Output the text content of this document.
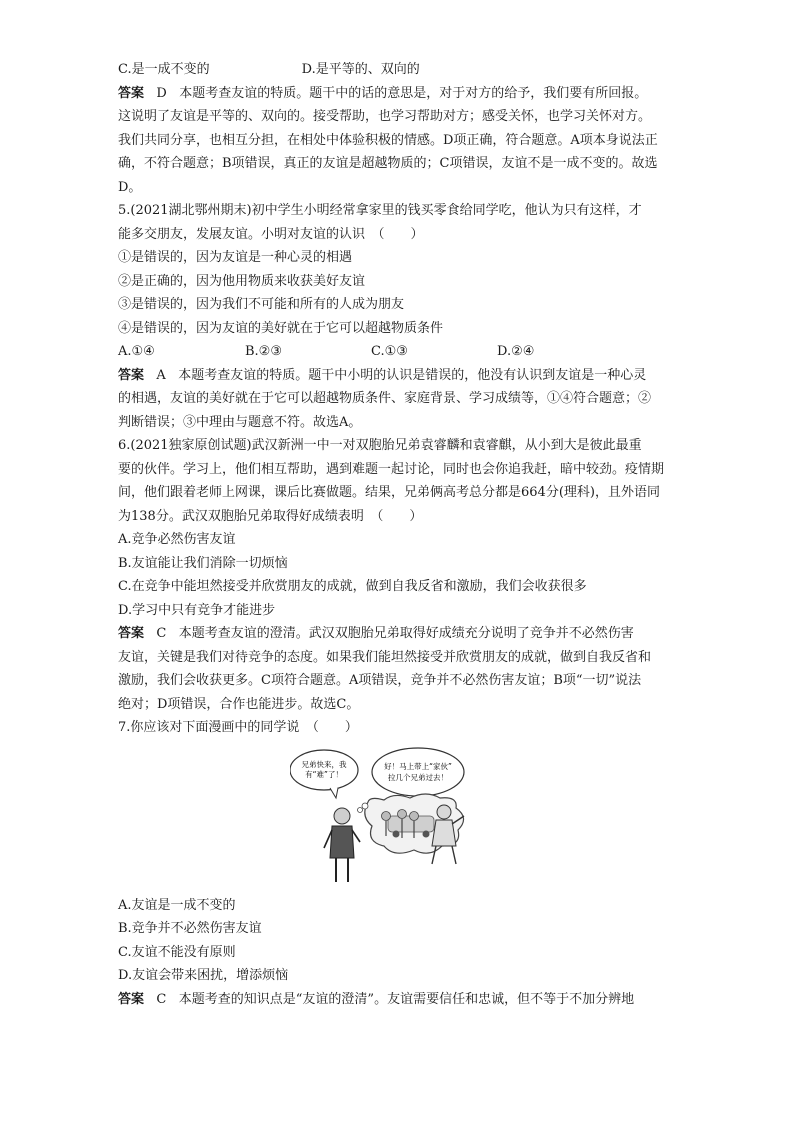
C.是一成不变的	D.是平等的、双向的
答案 D 本题考查友谊的特质。题干中的话的意思是，对于对方的给予，我们要有所回报。
这说明了友谊是平等的、双向的。接受帮助，也学习帮助对方；感受关怀，也学习关怀对方。
我们共同分享，也相互分担，在相处中体验积极的情感。D项正确，符合题意。A项本身说法正
确，不符合题意；B项错误，真正的友谊是超越物质的；C项错误，友谊不是一成不变的。故选
D。
5.(2021湖北鄂州期末)初中学生小明经常拿家里的钱买零食给同学吃，他认为只有这样，才
能多交朋友，发展友谊。小明对友谊的认识　（　　）
①是错误的，因为友谊是一种心灵的相遇
②是正确的，因为他用物质来收获美好友谊
③是错误的，因为我们不可能和所有的人成为朋友
④是错误的，因为友谊的美好就在于它可以超越物质条件
A.①④	B.②③	C.①③	D.②④
答案 A 本题考查友谊的特质。题干中小明的认识是错误的，他没有认识到友谊是一种心灵
的相遇，友谊的美好就在于它可以超越物质条件、家庭背景、学习成绩等，①④符合题意；②
判断错误；③中理由与题意不符。故选A。
6.(2021独家原创试题)武汉新洲一中一对双胞胎兄弟袁睿麟和袁睿麒，从小到大是彼此最重
要的伙伴。学习上，他们相互帮助，遇到难题一起讨论，同时也会你追我赶，暗中较劲。疫情期
间，他们跟着老师上网课，课后比赛做题。结果，兄弟俩高考总分都是664分(理科)，且外语同
为138分。武汉双胞胎兄弟取得好成绩表明　（　　）
A.竞争必然伤害友谊
B.友谊能让我们消除一切烦恼
C.在竞争中能坦然接受并欣赏朋友的成就，做到自我反省和激励，我们会收获很多
D.学习中只有竞争才能进步
答案 C 本题考查友谊的澄清。武汉双胞胎兄弟取得好成绩充分说明了竞争并不必然伤害
友谊，关键是我们对待竞争的态度。如果我们能坦然接受并欣赏朋友的成就，做到自我反省和
激励，我们会收获更多。C项符合题意。A项错误，竞争并不必然伤害友谊；B项“一切”说法
绝对；D项错误，合作也能进步。故选C。
7.你应该对下面漫画中的同学说　（　　）
兄弟快来，我
有“难”了！
好！马上带上“家伙”
拉几个兄弟过去！
A.友谊是一成不变的
B.竞争并不必然伤害友谊
C.友谊不能没有原则
D.友谊会带来困扰，增添烦恼
答案 C 本题考查的知识点是“友谊的澄清”。友谊需要信任和忠诚，但不等于不加分辨地
